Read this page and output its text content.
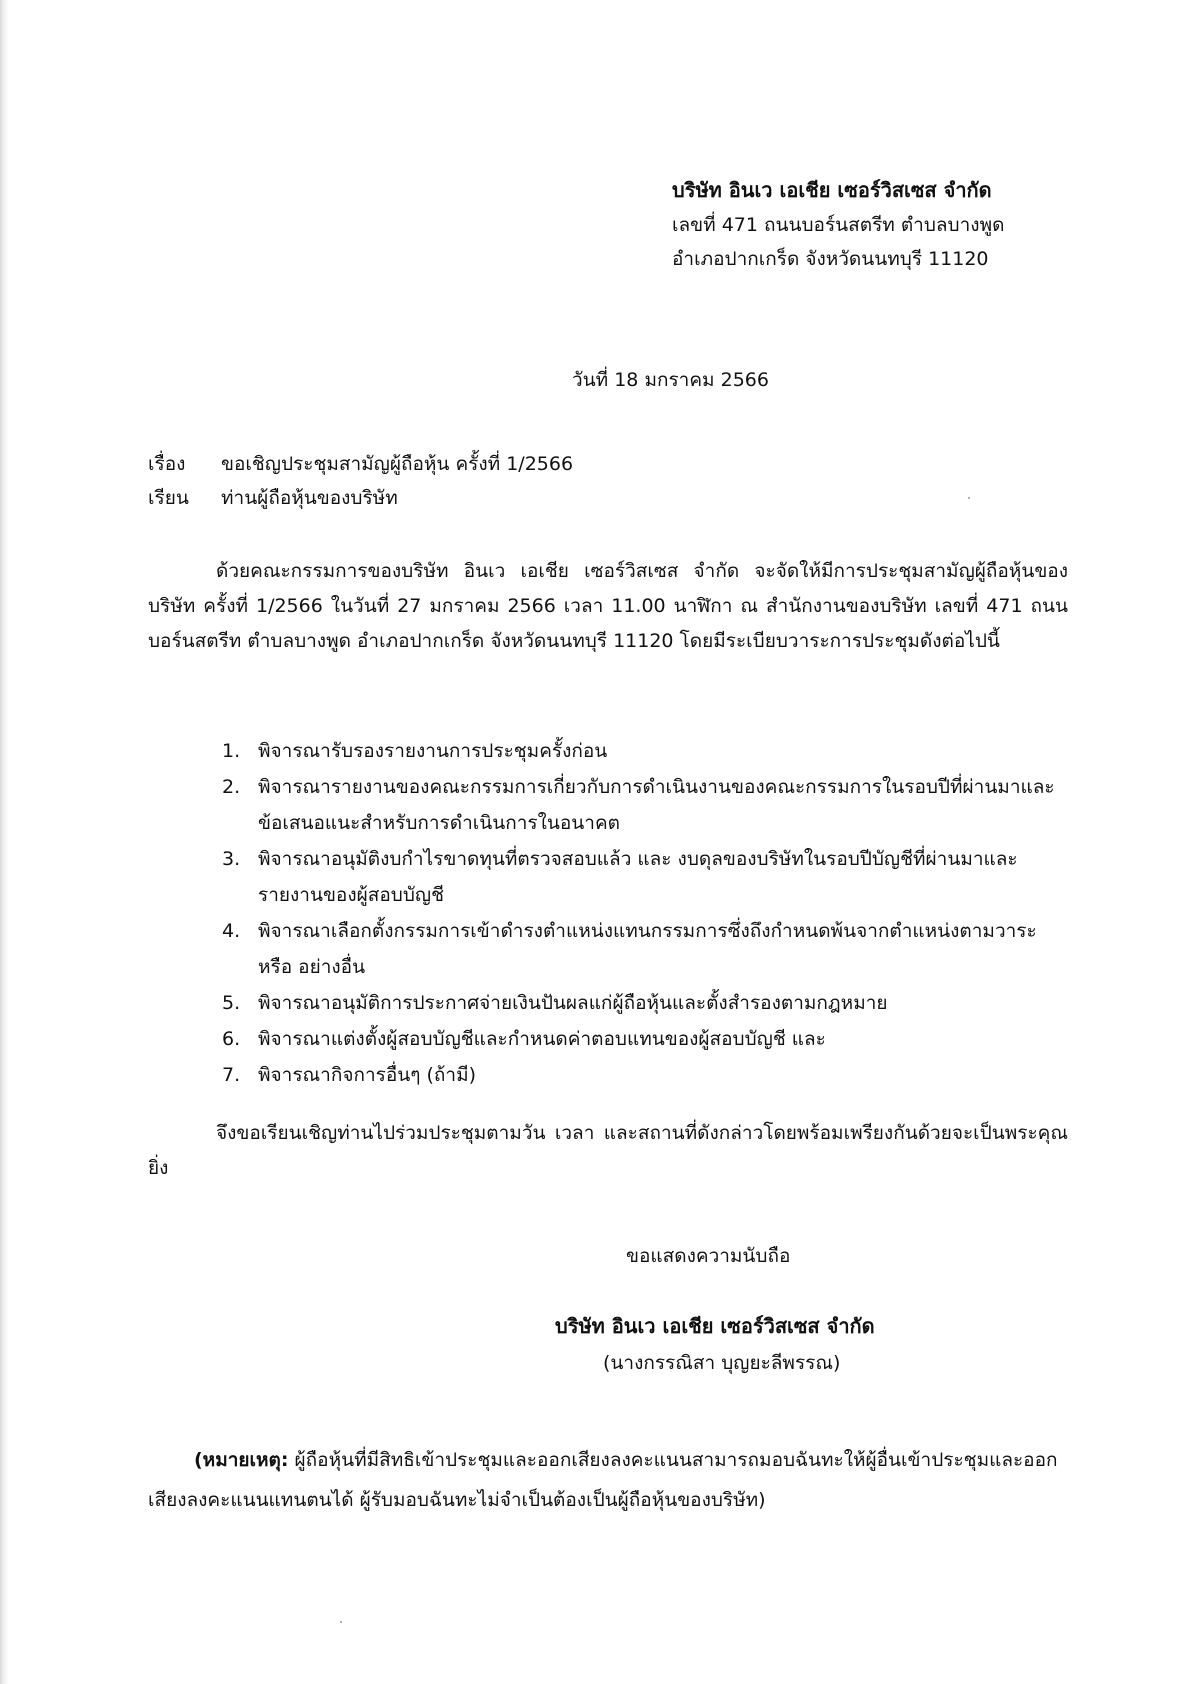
บริษัท อินเว เอเชีย เซอร์วิสเซส จำกัด
เลขที่ 471 ถนนบอร์นสตรีท ตำบลบางพูด
อำเภอปากเกร็ด จังหวัดนนทบุรี 11120
วันที่ 18 มกราคม 2566
เรื่อง ขอเชิญประชุมสามัญผู้ถือหุ้น ครั้งที่ 1/2566
เรียน ท่านผู้ถือหุ้นของบริษัท

ด้วยคณะกรรมการของบริษัท อินเว เอเชีย เซอร์วิสเซส จำกัด จะจัดให้มีการประชุมสามัญผู้ถือหุ้นของบริษัท ครั้งที่ 1/2566 ในวันที่ 27 มกราคม 2566 เวลา 11.00 นาฬิกา ณ สำนักงานของบริษัท เลขที่ 471 ถนนบอร์นสตรีท ตำบลบางพูด อำเภอปากเกร็ด จังหวัดนนทบุรี 11120 โดยมีระเบียบวาระการประชุมดังต่อไปนี้

1. พิจารณารับรองรายงานการประชุมครั้งก่อน
2. พิจารณารายงานของคณะกรรมการเกี่ยวกับการดำเนินงานของคณะกรรมการในรอบปีที่ผ่านมาและข้อเสนอแนะสำหรับการดำเนินการในอนาคต
3. พิจารณาอนุมัติงบกำไรขาดทุนที่ตรวจสอบแล้ว และ งบดุลของบริษัทในรอบปีบัญชีที่ผ่านมาและรายงานของผู้สอบบัญชี
4. พิจารณาเลือกตั้งกรรมการเข้าดำรงตำแหน่งแทนกรรมการซึ่งถึงกำหนดพ้นจากตำแหน่งตามวาระ หรือ อย่างอื่น
5. พิจารณาอนุมัติการประกาศจ่ายเงินปันผลแก่ผู้ถือหุ้นและตั้งสำรองตามกฎหมาย
6. พิจารณาแต่งตั้งผู้สอบบัญชีและกำหนดค่าตอบแทนของผู้สอบบัญชี และ
7. พิจารณากิจการอื่นๆ (ถ้ามี)

จึงขอเรียนเชิญท่านไปร่วมประชุมตามวัน เวลา และสถานที่ดังกล่าวโดยพร้อมเพรียงกันด้วยจะเป็นพระคุณยิ่ง

ขอแสดงความนับถือ
บริษัท อินเว เอเชีย เซอร์วิสเซส จำกัด
(นางกรรณิสา บุญยะลีพรรณ)

(หมายเหตุ: ผู้ถือหุ้นที่มีสิทธิเข้าประชุมและออกเสียงลงคะแนนสามารถมอบฉันทะให้ผู้อื่นเข้าประชุมและออกเสียงลงคะแนนแทนตนได้ ผู้รับมอบฉันทะไม่จำเป็นต้องเป็นผู้ถือหุ้นของบริษัท)
